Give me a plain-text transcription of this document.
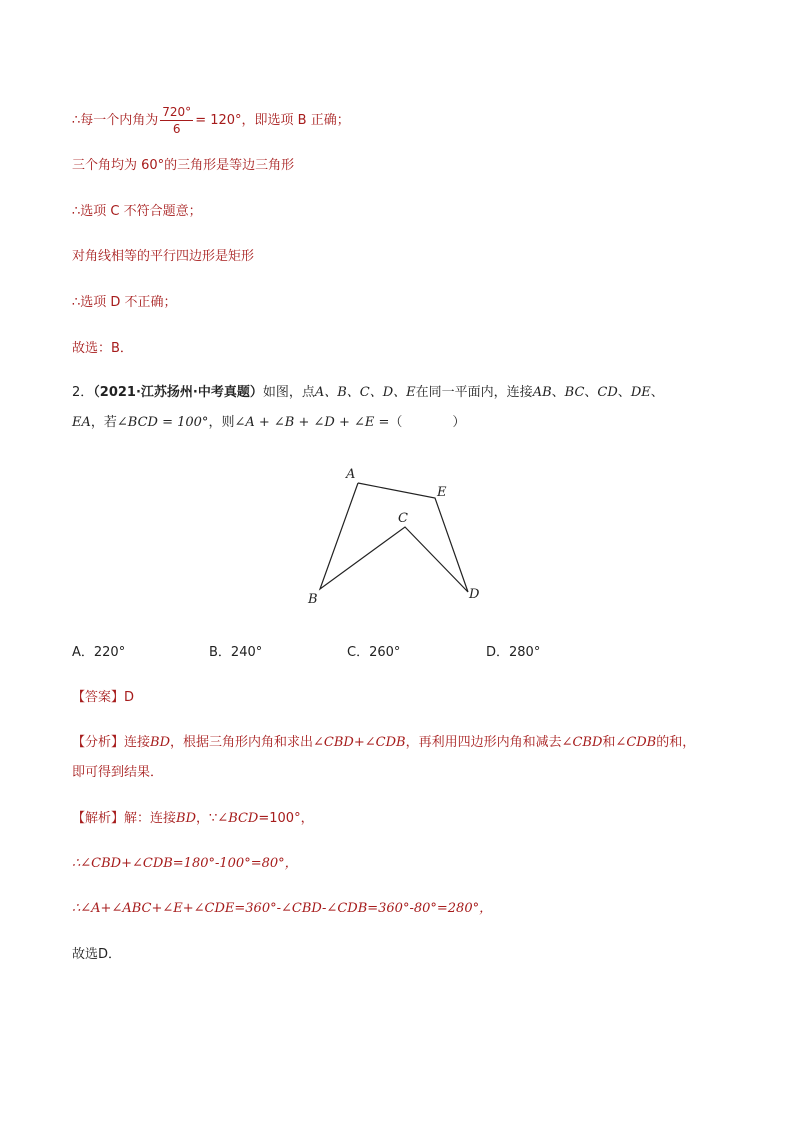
∴每一个内角为 $\frac{720^\circ}{6} = 120^\circ$，即选项 B 正确；
三个角均为 60°的三角形是等边三角形
∴选项 C 不符合题意；
对角线相等的平行四边形是矩形
∴选项 D 不正确；
故选：B．
2．（2021·江苏扬州·中考真题）如图，点A、B、C、D、E在同一平面内，连接AB、BC、CD、DE、
EA，若∠BCD = 100°，则∠A + ∠B + ∠D + ∠E =（	）
A
B
C
D
E
A．220°	B．240°	C．260°	D．280°
【答案】D
【分析】连接BD，根据三角形内角和求出∠CBD+∠CDB，再利用四边形内角和减去∠CBD和∠CDB的和，
即可得到结果．
【解析】解：连接BD，∵∠BCD=100°，
∴∠CBD+∠CDB=180°-100°=80°，
∴∠A+∠ABC+∠E+∠CDE=360°-∠CBD-∠CDB=360°-80°=280°，
故选D．
